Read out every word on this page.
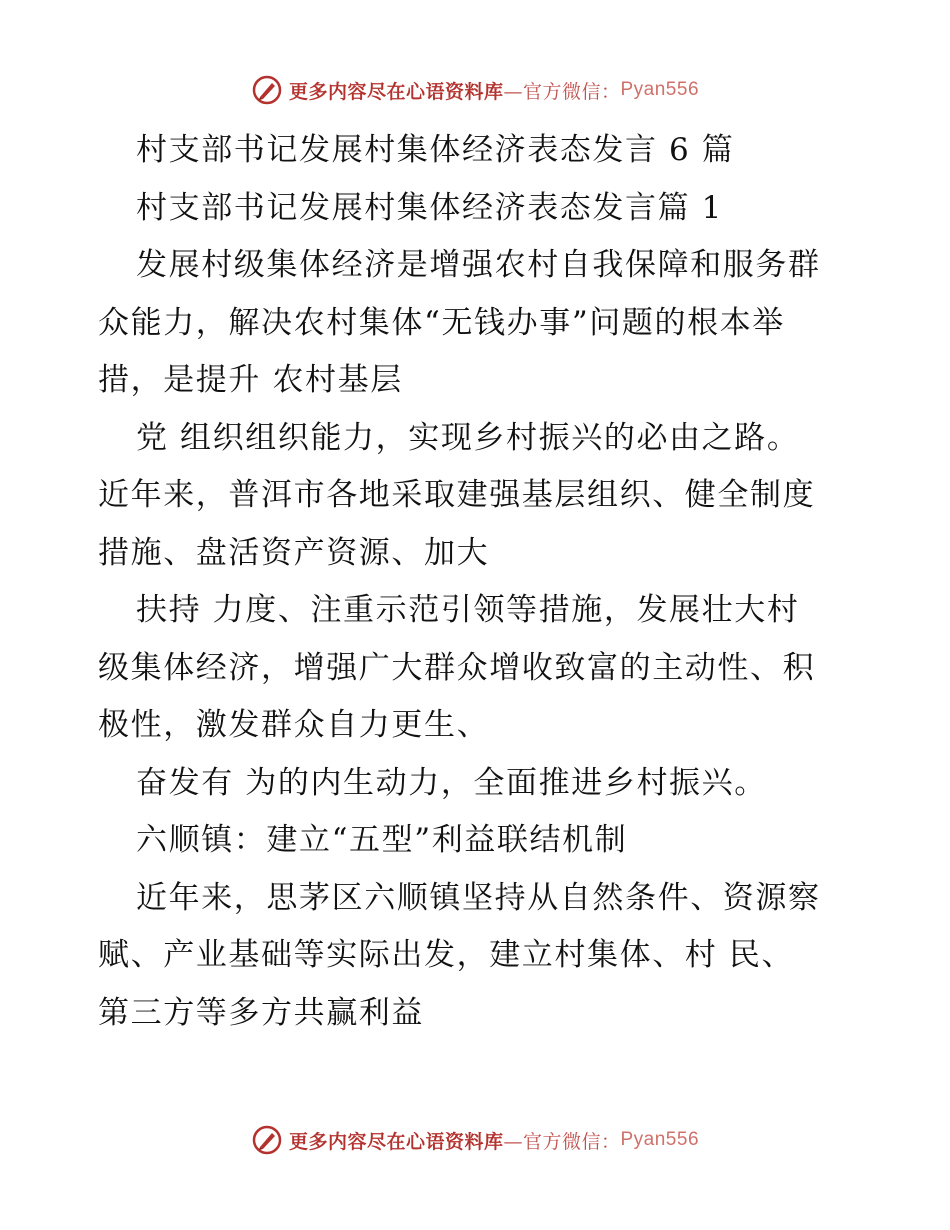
更多内容尽在心语资料库 —官方微信： Pyan556
村支部书记发展村集体经济表态发言 6 篇
村支部书记发展村集体经济表态发言篇 1
发展村级集体经济是增强农村自我保障和服务群
众能力，解决农村集体“无钱办事”问题的根本举
措，是提升 农村基层
党 组织组织能力，实现乡村振兴的必由之路。
近年来，普洱市各地采取建强基层组织、健全制度
措施、盘活资产资源、加大
扶持 力度、注重示范引领等措施，发展壮大村
级集体经济，增强广大群众增收致富的主动性、积
极性，激发群众自力更生、
奋发有 为的内生动力，全面推进乡村振兴。
六顺镇：建立“五型”利益联结机制
近年来，思茅区六顺镇坚持从自然条件、资源察
赋、产业基础等实际出发，建立村集体、村 民、
第三方等多方共赢利益
更多内容尽在心语资料库 —官方微信： Pyan556
